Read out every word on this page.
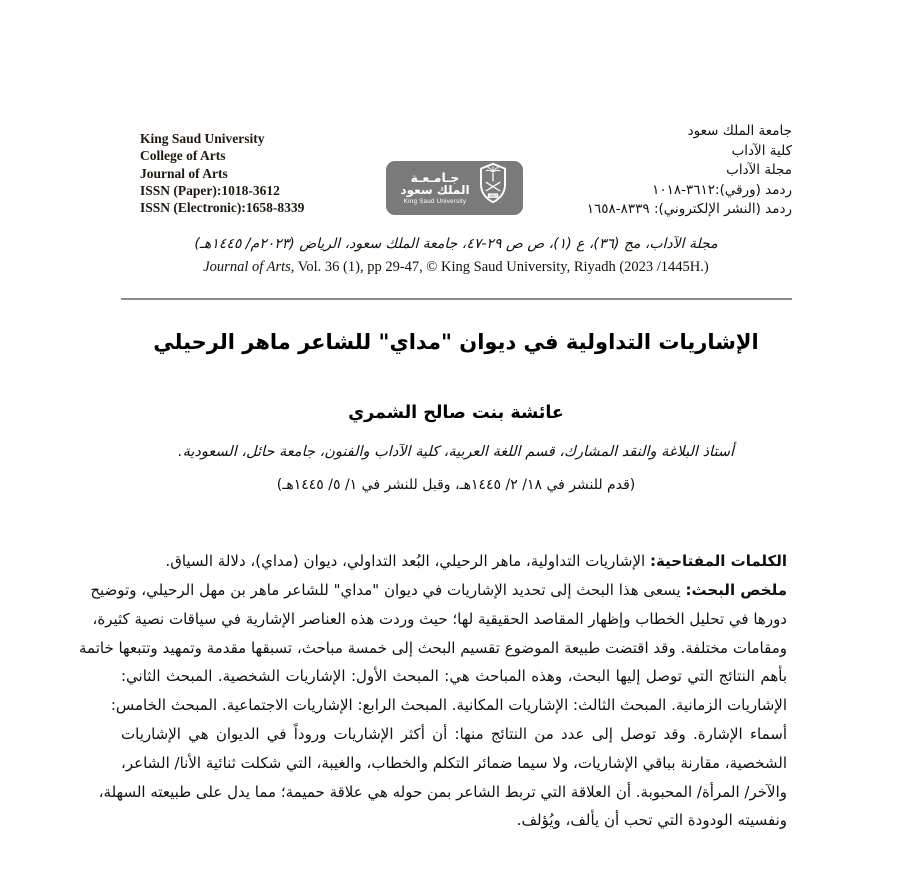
King Saud University
College of Arts
Journal of Arts
ISSN (Paper):1018-3612
ISSN (Electronic):1658-8339
جـامـعـة
الملك سعود
King Saud University
1957
جامعة الملك سعود
كلية الآداب
مجلة الآداب
ردمد (ورقي):٣٦١٢-١٠١٨
ردمد (النشر الإلكتروني): ٨٣٣٩-١٦٥٨
مجلة الآداب، مج (٣٦)، ع (١)، ص ص ٢٩-٤٧، جامعة الملك سعود، الرياض (٢٠٢٣م/ ١٤٤٥هـ)
Journal of Arts, Vol. 36 (1), pp 29-47, © King Saud University, Riyadh (2023 /1445H.)
الإشاريات التداولية في ديوان "مداي" للشاعر ماهر الرحيلي
عائشة بنت صالح الشمري
أستاذ البلاغة والنقد المشارك، قسم اللغة العربية، كلية الآداب والفنون، جامعة حائل، السعودية.
(قدم للنشر في ١٨/ ٢/ ١٤٤٥هـ، وقبل للنشر في ١/ ٥/ ١٤٤٥هـ)
الكلمات المفتاحية: الإشاريات التداولية، ماهر الرحيلي، البُعد التداولي، ديوان (مداي)، دلالة السياق.
ملخص البحث: يسعى هذا البحث إلى تحديد الإشاريات في ديوان "مداي" للشاعر ماهر بن مهل الرحيلي، وتوضيح
دورها في تحليل الخطاب وإظهار المقاصد الحقيقية لها؛ حيث وردت هذه العناصر الإشارية في سياقات نصية كثيرة،
ومقامات مختلفة. وقد اقتضت طبيعة الموضوع تقسيم البحث إلى خمسة مباحث، تسبقها مقدمة وتمهيد وتتبعها خاتمة
بأهم النتائج التي توصل إليها البحث، وهذه المباحث هي: المبحث الأول: الإشاريات الشخصية. المبحث الثاني:
الإشاريات الزمانية. المبحث الثالث: الإشاريات المكانية. المبحث الرابع: الإشاريات الاجتماعية. المبحث الخامس:
أسماء الإشارة. وقد توصل إلى عدد من النتائج منها: أن أكثر الإشاريات وروداً في الديوان هي الإشاريات
الشخصية، مقارنة بباقي الإشاريات، ولا سيما ضمائر التكلم والخطاب، والغيبة، التي شكلت ثنائية الأنا/ الشاعر،
والآخر/ المرأة/ المحبوبة. أن العلاقة التي تربط الشاعر بمن حوله هي علاقة حميمة؛ مما يدل على طبيعته السهلة،
ونفسيته الودودة التي تحب أن يألف، ويُؤلف.
